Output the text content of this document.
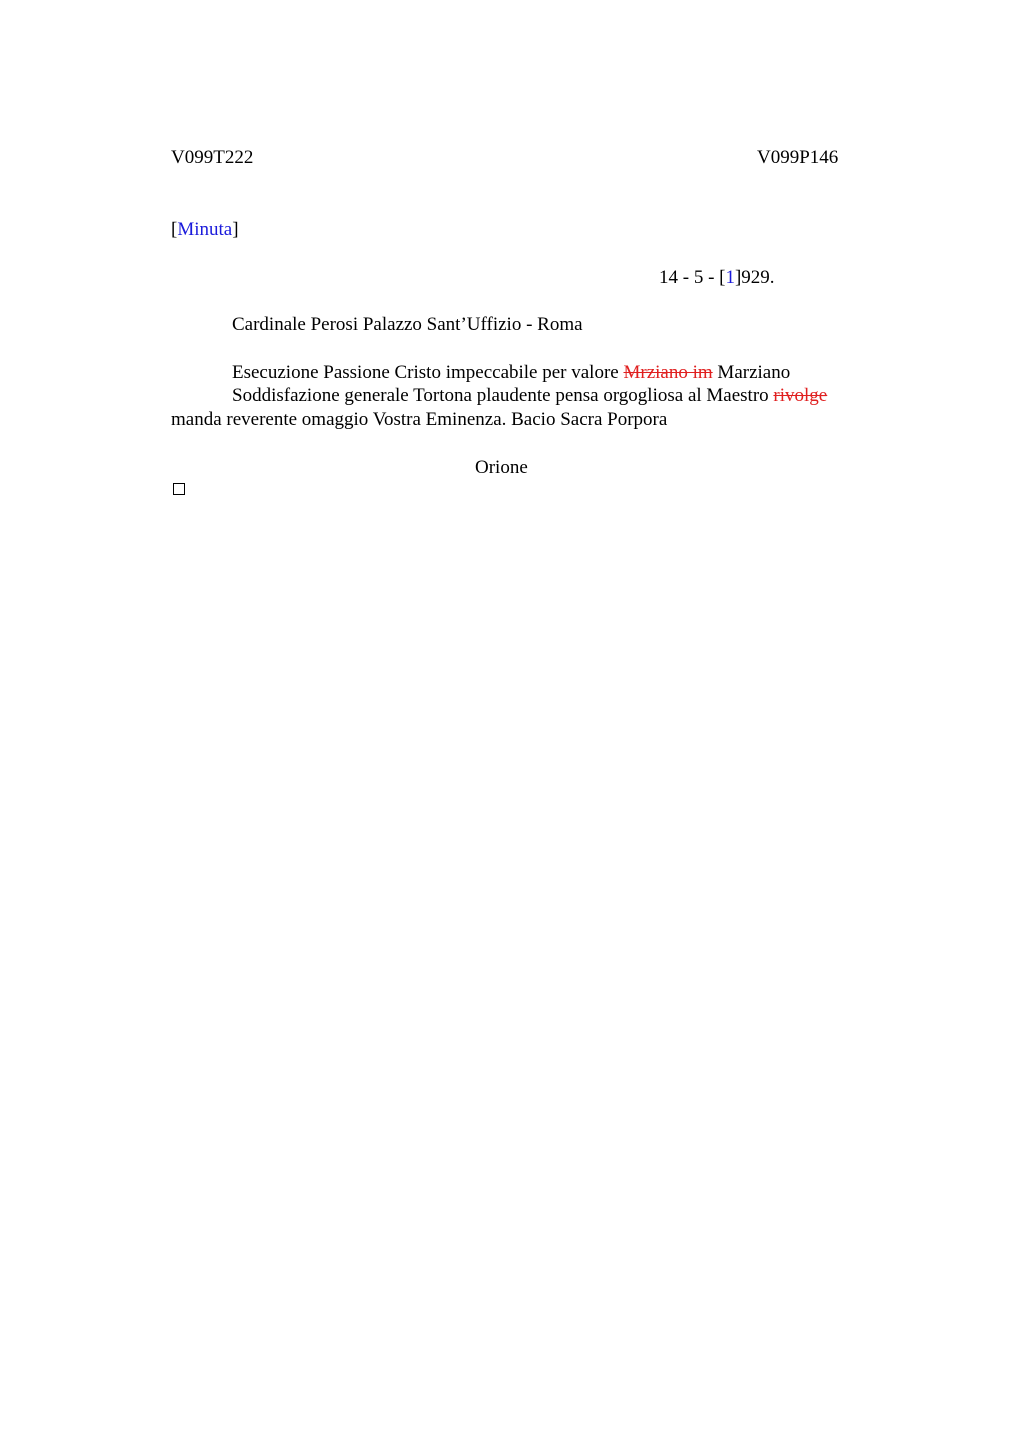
V099T222	V099P146
[Minuta]
14 - 5 - [1]929.
Cardinale Perosi Palazzo Sant’Uffizio - Roma
Esecuzione Passione Cristo impeccabile per valore Mrziano im Marziano
Soddisfazione generale Tortona plaudente pensa orgogliosa al Maestro rivolge
manda reverente omaggio Vostra Eminenza. Bacio Sacra Porpora
Orione
